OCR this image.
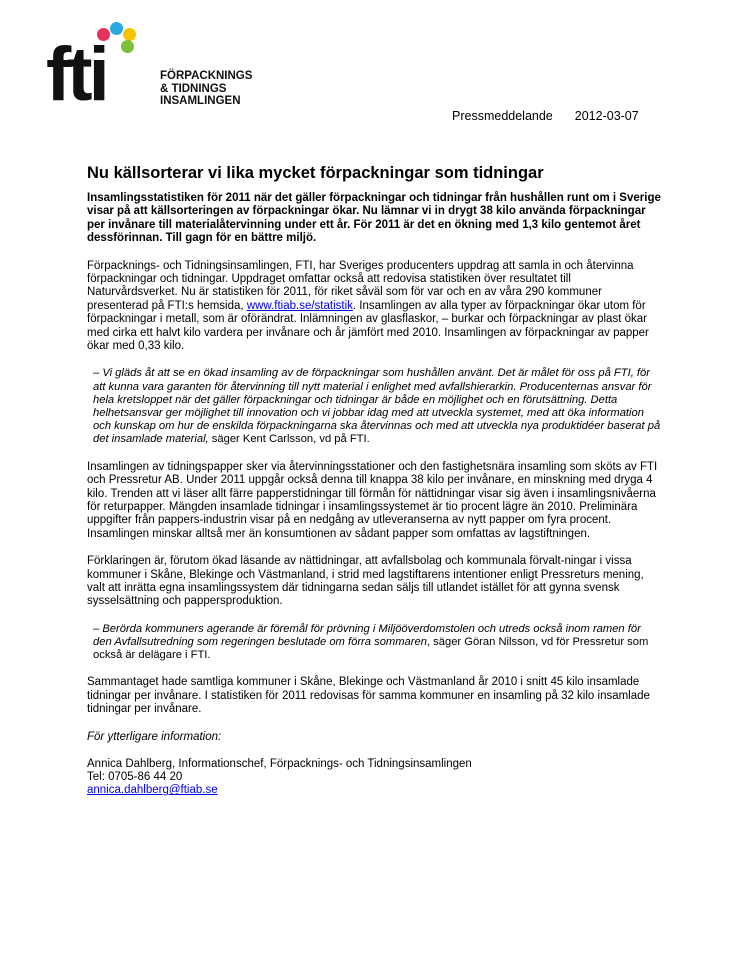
fti	FÖRPACKNINGS
& TIDNINGS
INSAMLINGEN
Pressmeddelande 2012-03-07
Nu källsorterar vi lika mycket förpackningar som tidningar

Insamlingsstatistiken för 2011 när det gäller förpackningar och tidningar från hushållen runt om i Sverige visar på att källsorteringen av förpackningar ökar. Nu lämnar vi in drygt 38 kilo använda förpackningar per invånare till materialåtervinning under ett år. För 2011 är det en ökning med 1,3 kilo gentemot året dessförinnan. Till gagn för en bättre miljö.

Förpacknings- och Tidningsinsamlingen, FTI, har Sveriges producenters uppdrag att samla in och återvinna förpackningar och tidningar. Uppdraget omfattar också att redovisa statistiken över resultatet till Naturvårdsverket. Nu är statistiken för 2011, för riket såväl som för var och en av våra 290 kommuner presenterad på FTI:s hemsida, www.ftiab.se/statistik. Insamlingen av alla typer av förpackningar ökar utom för förpackningar i metall, som är oförändrat. Inlämningen av glasflaskor, – burkar och förpackningar av plast ökar med cirka ett halvt kilo vardera per invånare och år jämfört med 2010. Insamlingen av förpackningar av papper ökar med 0,33 kilo.

– Vi gläds åt att se en ökad insamling av de förpackningar som hushållen använt. Det är målet för oss på FTI, för att kunna vara garanten för återvinning till nytt material i enlighet med avfallshierarkin. Producenternas ansvar för hela kretsloppet när det gäller förpackningar och tidningar är både en möjlighet och en förutsättning. Detta helhetsansvar ger möjlighet till innovation och vi jobbar idag med att utveckla systemet, med att öka information och kunskap om hur de enskilda förpackningarna ska återvinnas och med att utveckla nya produktidéer baserat på det insamlade material, säger Kent Carlsson, vd på FTI.

Insamlingen av tidningspapper sker via återvinningsstationer och den fastighetsnära insamling som sköts av FTI och Pressretur AB. Under 2011 uppgår också denna till knappa 38 kilo per invånare, en minskning med dryga 4 kilo. Trenden att vi läser allt färre papperstidningar till förmån för nättidningar visar sig även i insamlingsnivåerna för returpapper. Mängden insamlade tidningar i insamlingssystemet är tio procent lägre än 2010. Preliminära uppgifter från pappers-industrin visar på en nedgång av utleveranserna av nytt papper om fyra procent. Insamlingen minskar alltså mer än konsumtionen av sådant papper som omfattas av lagstiftningen.

Förklaringen är, förutom ökad läsande av nättidningar, att avfallsbolag och kommunala förvalt-ningar i vissa kommuner i Skåne, Blekinge och Västmanland, i strid med lagstiftarens intentioner enligt Pressreturs mening, valt att inrätta egna insamlingssystem där tidningarna sedan säljs till utlandet istället för att gynna svensk sysselsättning och pappersproduktion.

– Berörda kommuners agerande är föremål för prövning i Miljööverdomstolen och utreds också inom ramen för den Avfallsutredning som regeringen beslutade om förra sommaren, säger Göran Nilsson, vd för Pressretur som också är delägare i FTI.

Sammantaget hade samtliga kommuner i Skåne, Blekinge och Västmanland år 2010 i snitt 45 kilo insamlade tidningar per invånare. I statistiken för 2011 redovisas för samma kommuner en insamling på 32 kilo insamlade tidningar per invånare.

För ytterligare information:

Annica Dahlberg, Informationschef, Förpacknings- och Tidningsinsamlingen
Tel: 0705-86 44 20
annica.dahlberg@ftiab.se
